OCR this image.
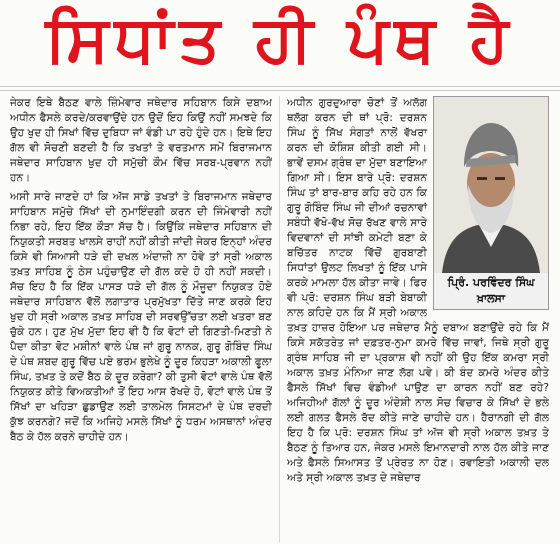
ਸਿਧਾਂਤ ਹੀ ਪੰਥ ਹੈ

ਜੇਕਰ ਇਥੇ ਬੈਠਣ ਵਾਲੇ ਜ਼ਿੰਮੇਵਾਰ ਜਥੇਦਾਰ ਸਹਿਬਾਨ ਕਿਸੇ ਦਬਾਅ ਅਧੀਨ ਫੈਸਲੇ ਕਰਦੇ/ਕਰਵਾਉਂਦੇ ਹਨ ਉਦੋਂ ਇਹ ਕਿਉਂ ਨਹੀਂ ਸਮਝਦੇ ਕਿ ਉਹ ਖੁਦ ਹੀ ਸਿਖਾਂ ਵਿੱਚ ਦੁਬਿਧਾ ਜਾਂ ਵੰਡੀ ਪਾ ਰਹੇ ਹੁੰਦੇ ਹਨ। ਇਥੇ ਇਹ ਗੱਲ ਵੀ ਸੋਚਣੀ ਬਣਦੀ ਹੈ ਕਿ ਤਖਤਾਂ ਤੇ ਵਰਤਮਾਨ ਸਮੇਂ ਬਿਰਾਜਮਾਨ ਜਥੇਦਾਰ ਸਾਹਿਬਾਨ ਖੁਦ ਹੀ ਸਮੁੱਚੀ ਕੌਮ ਵਿੱਚ ਸਰਬ-ਪ੍ਰਵਾਨ ਨਹੀਂ ਹਨ।

ਅਸੀ ਸਾਰੇ ਜਾਣਦੇ ਹਾਂ ਕਿ ਅੱਜ ਸਾਡੇ ਤਖਤਾਂ ਤੇ ਬਿਰਾਜਮਾਨ ਜਥੇਦਾਰ ਸਾਹਿਬਾਨ ਸਮੁੱਚੇ ਸਿੱਖਾਂ ਦੀ ਨੁਮਾਇੰਦਗੀ ਕਰਨ ਦੀ ਜਿੰਮੇਵਾਰੀ ਨਹੀਂ ਨਿਭਾ ਰਹੇ, ਇਹ ਇੱਕ ਕੌੜਾ ਸੱਚ ਹੈ। ਕਿਉਂਕਿ ਜਥੇਦਾਰ ਸਹਿਬਾਨ ਦੀ ਨਿਯੁਕਤੀ ਸਰਬਤ ਖਾਲਸੇ ਰਾਹੀਂ ਨਹੀਂ ਕੀਤੀ ਜਾਂਦੀ ਜੇਕਰ ਇਨ੍ਹਾਂ ਅੰਦਰ ਕਿਸੇ ਵੀ ਸਿਆਸੀ ਧੜੇ ਦੀ ਦਖਲ ਅੰਦਾਜ਼ੀ ਨਾ ਹੋਵੇ ਤਾਂ ਸ੍ਰੀ ਅਕਾਲ ਤਖ਼ਤ ਸਾਹਿਬ ਨੂੰ ਠੇਸ ਪਹੁੰਚਾਉਣ ਦੀ ਗੱਲ ਕਦੇ ਹੋ ਹੀ ਨਹੀਂ ਸਕਦੀ। ਸੱਚ ਇਹ ਹੈ ਕਿ ਇੱਕ ਪਾਸੜ ਧੜੇ ਦੀ ਗੱਲ ਨੂੰ ਮੌਜੂਦਾ ਨਿਯੁਕਤ ਹੋਏ ਜਥੇਦਾਰ ਸਾਹਿਬਾਨ ਵੱਲੋਂ ਲਗਾਤਾਰ ਪ੍ਰਮੁੱਖਤਾ ਦਿੱਤੇ ਜਾਣ ਕਰਕੇ ਇਹ ਖੁਦ ਹੀ ਸ੍ਰੀ ਅਕਾਲ ਤਖ਼ਤ ਸਾਹਿਬ ਦੀ ਸਰਵਉੱਚਤਾ ਲਈ ਖਤਰਾ ਬਣ ਚੁੱਕੇ ਹਨ। ਹੁਣ ਮੁੱਖ ਮੁੱਦਾ ਇਹ ਵੀ ਹੈ ਕਿ ਵੋਟਾਂ ਦੀ ਗਿਣਤੀ-ਮਿਣਤੀ ਨੇ ਪੈਦਾ ਕੀਤਾ ਵੋਟ ਮਸ਼ੀਨਾਂ ਵਾਲੇ ਪੰਥ ਜਾਂ ਗੁਰੂ ਨਾਨਕ, ਗੁਰੂ ਗੋਬਿੰਦ ਸਿੰਘ ਦੇ ਪੰਥ ਸ਼ਬਦ ਗੁਰੂ ਵਿੱਚ ਪਏ ਭਰਮ ਭੁਲੇਖੇ ਨੂੰ ਦੂਰ ਕਿਹੜਾ ਅਕਾਲੀ ਫੂਲਾ ਸਿੰਘ, ਤਖ਼ਤ ਤੇ ਕਦੋਂ ਬੈਠ ਕੇ ਦੂਰ ਕਰੇਗਾ? ਕੀ ਤੁਸੀ ਵੋਟਾਂ ਵਾਲੇ ਪੰਥ ਵੱਲੋਂ ਨਿਯੁਕਤ ਕੀਤੇ ਵਿਅਕਤੀਆਂ ਤੋਂ ਇਹ ਆਸ ਰੱਖਦੇ ਹੋ, ਵੋਟਾਂ ਵਾਲੇ ਪੰਥ ਤੋਂ ਸਿੱਖਾਂ ਦਾ ਖਹਿੜਾ ਛੁਡਾਉਣ ਲਈ ਤਾਲਮੇਲ ਸਿਸਟਮਾਂ ਦੇ ਪੰਥ ਦਰਦੀ ਕੁੱਝ ਕਰਨਗੇ? ਜਦੋਂ ਕਿ ਅਜਿਹੇ ਮਸਲੇ ਸਿੱਖਾਂ ਨੂੰ ਧਰਮ ਅਸਥਾਨਾਂ ਅੰਦਰ ਬੈਠ ਕੇ ਹੱਲ ਕਰਨੇ ਚਾਹੀਦੇ ਹਨ।

ਪ੍ਰਿੰ. ਪਰਵਿੰਦਰ ਸਿੰਘ ਖ਼ਾਲਸਾ

ਅਧੀਨ ਗੁਰਦੁਆਰਾ ਚੋਣਾਂ ਤੋਂ ਅਲੱਗ ਥਲੱਗ ਕਰਨ ਦੀ ਥਾਂ ਪ੍ਰੋ: ਦਰਸ਼ਨ ਸਿੰਘ ਨੂੰ ਸਿੱਖ ਸੰਗਤਾਂ ਨਾਲੋਂ ਵੱਖਰਾ ਕਰਨ ਦੀ ਕੋਸ਼ਿਸ਼ ਕੀਤੀ ਗਈ ਸੀ। ਭਾਵੇਂ ਦਸਮ ਗ੍ਰੰਥ ਦਾ ਮੁੱਦਾ ਬਣਾਇਆ ਗਿਆ ਸੀ। ਇਸ ਬਾਰੇ ਪ੍ਰੋ: ਦਰਸ਼ਨ ਸਿੰਘ ਤਾਂ ਬਾਰ-ਬਾਰ ਕਹਿ ਰਹੇ ਹਨ ਕਿ ਗੁਰੂ ਗੋਬਿੰਦ ਸਿੰਘ ਜੀ ਦੀਆਂ ਰਚਨਾਵਾਂ ਸਬੰਧੀ ਵੱਖੋ-ਵੱਖ ਸੋਚ ਰੱਖਣ ਵਾਲੇ ਸਾਰੇ ਵਿਦਵਾਨਾਂ ਦੀ ਸਾਂਝੀ ਕਮੇਟੀ ਬਣਾ ਕੇ ਬਚਿੱਤਰ ਨਾਟਕ ਵਿੱਚੋਂ ਗੁਰਬਾਣੀ ਸਿਧਾਂਤਾਂ ਉਲਟ ਲਿਖਤਾਂ ਨੂੰ ਇੱਕ ਪਾਸੇ ਕਰਕੇ ਮਾਮਲਾ ਹੱਲ ਕੀਤਾ ਜਾਵੇ। ਫਿਰ ਵੀ ਪ੍ਰੋ: ਦਰਸ਼ਨ ਸਿੰਘ ਬੜੀ ਬੇਬਾਕੀ ਨਾਲ ਕਹਿਦੇ ਹਨ ਕਿ ਮੈਂ ਸ੍ਰੀ ਅਕਾਲ ਤਖ਼ਤ ਹਾਜ਼ਰ ਹੋਇਆ ਪਰ ਜਥੇਦਾਰ ਮੈਨੂੰ ਦਬਾਅ ਬਣਾਉਂਦੇ ਰਹੇ ਕਿ ਮੈਂ ਕਿਸੇ ਸਕੱਤਰੇਤ ਜਾਂ ਦਫ਼ਤਰ-ਨੁਮਾ ਕਮਰੇ ਵਿੱਚ ਜਾਵਾਂ, ਜਿਥੇ ਸ੍ਰੀ ਗੁਰੂ ਗ੍ਰੰਥ ਸਾਹਿਬ ਜੀ ਦਾ ਪ੍ਰਕਾਸ਼ ਵੀ ਨਹੀਂ ਕੀ ਉਹ ਇੱਕ ਕਮਰਾ ਸ੍ਰੀ ਅਕਾਲ ਤਖ਼ਤ ਮੰਨਿਆ ਜਾਣ ਲੱਗ ਪਵੇ। ਕੀ ਬੰਦ ਕਮਰੇ ਅੰਦਰ ਕੀਤੇ ਫੈਸਲੇ ਸਿੱਖਾਂ ਵਿਚ ਵੰਡੀਆਂ ਪਾਉਣ ਦਾ ਕਾਰਨ ਨਹੀਂ ਬਣ ਰਹੇ? ਅਜਿਹੀਆਂ ਗੱਲਾਂ ਨੂੰ ਦੂਰ ਅੰਦੇਸ਼ੀ ਨਾਲ ਸੋਚ ਵਿਚਾਰ ਕੇ ਸਿੱਖਾਂ ਦੇ ਭਲੇ ਲਈ ਗਲਤ ਫੈਸਲੇ ਰੱਦ ਕੀਤੇ ਜਾਣੇ ਚਾਹੀਦੇ ਹਨ। ਹੈਰਾਨਗੀ ਦੀ ਗੱਲ ਇਹ ਹੈ ਕਿ ਪ੍ਰੋ: ਦਰਸ਼ਨ ਸਿੰਘ ਤਾਂ ਅੱਜ ਵੀ ਸ੍ਰੀ ਅਕਾਲ ਤਖ਼ਤ ਤੇ ਬੈਠਣ ਨੂੰ ਤਿਆਰ ਹਨ, ਜੇਕਰ ਮਸਲੇ ਇਮਾਨਦਾਰੀ ਨਾਲ ਹੱਲ ਕੀਤੇ ਜਾਣ ਅਤੇ ਫੈਸਲੇ ਸਿਆਸਤ ਤੋਂ ਪ੍ਰੇਰਤ ਨਾ ਹੋਣ। ਰਵਾਇਤੀ ਅਕਾਲੀ ਦਲ ਅਤੇ ਸ੍ਰੀ ਅਕਾਲ ਤਖ਼ਤ ਦੇ ਜਥੇਦਾਰ
